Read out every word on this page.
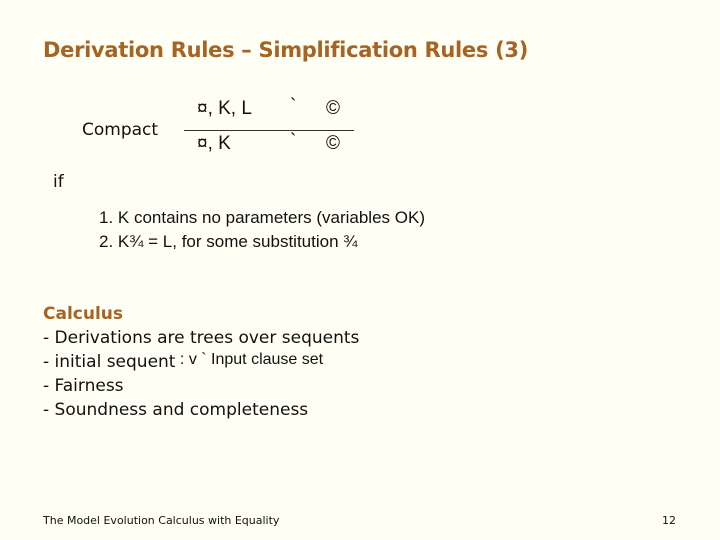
Derivation Rules – Simplification Rules (3)
Compact
¤, K, L ` ©
¤, K	` ©
if
1. K contains no parameters (variables OK)
2. K¾ = L, for some substitution ¾
Calculus
- Derivations are trees over sequents
- initial sequent : v ` Input clause set
- Fairness
- Soundness and completeness
The Model Evolution Calculus with Equality	12
